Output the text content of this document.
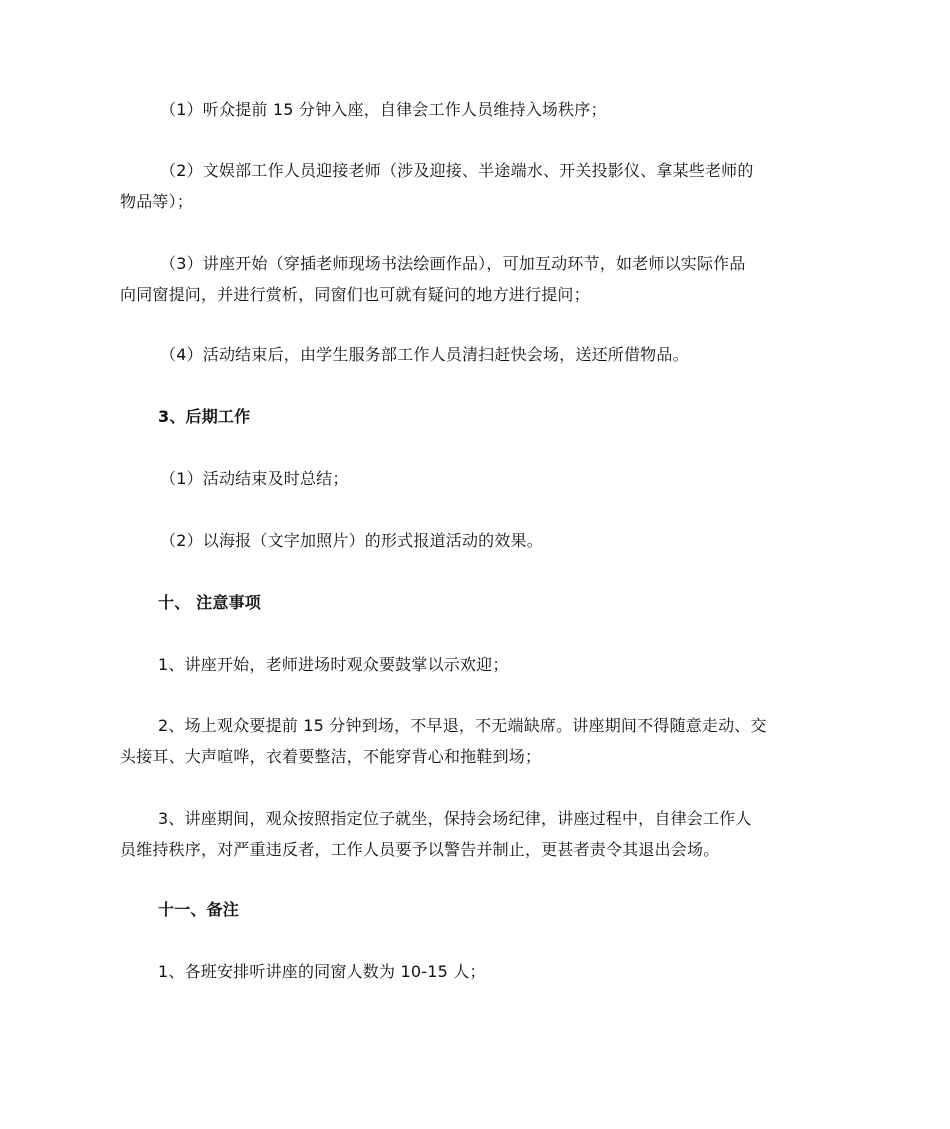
（1）听众提前 15 分钟入座，自律会工作人员维持入场秩序；
（2）文娱部工作人员迎接老师（涉及迎接、半途端水、开关投影仪、拿某些老师的
物品等）；
（3）讲座开始（穿插老师现场书法绘画作品），可加互动环节，如老师以实际作品
向同窗提问，并进行赏析，同窗们也可就有疑问的地方进行提问；
（4）活动结束后，由学生服务部工作人员清扫赶快会场，送还所借物品。
3、后期工作
（1）活动结束及时总结；
（2）以海报（文字加照片）的形式报道活动的效果。
十、 注意事项
1、讲座开始，老师进场时观众要鼓掌以示欢迎；
2、场上观众要提前 15 分钟到场，不早退，不无端缺席。讲座期间不得随意走动、交
头接耳、大声喧哗，衣着要整洁，不能穿背心和拖鞋到场；
3、讲座期间，观众按照指定位子就坐，保持会场纪律，讲座过程中，自律会工作人
员维持秩序，对严重违反者，工作人员要予以警告并制止，更甚者责令其退出会场。
十一、备注
1、各班安排听讲座的同窗人数为 10-15 人；
